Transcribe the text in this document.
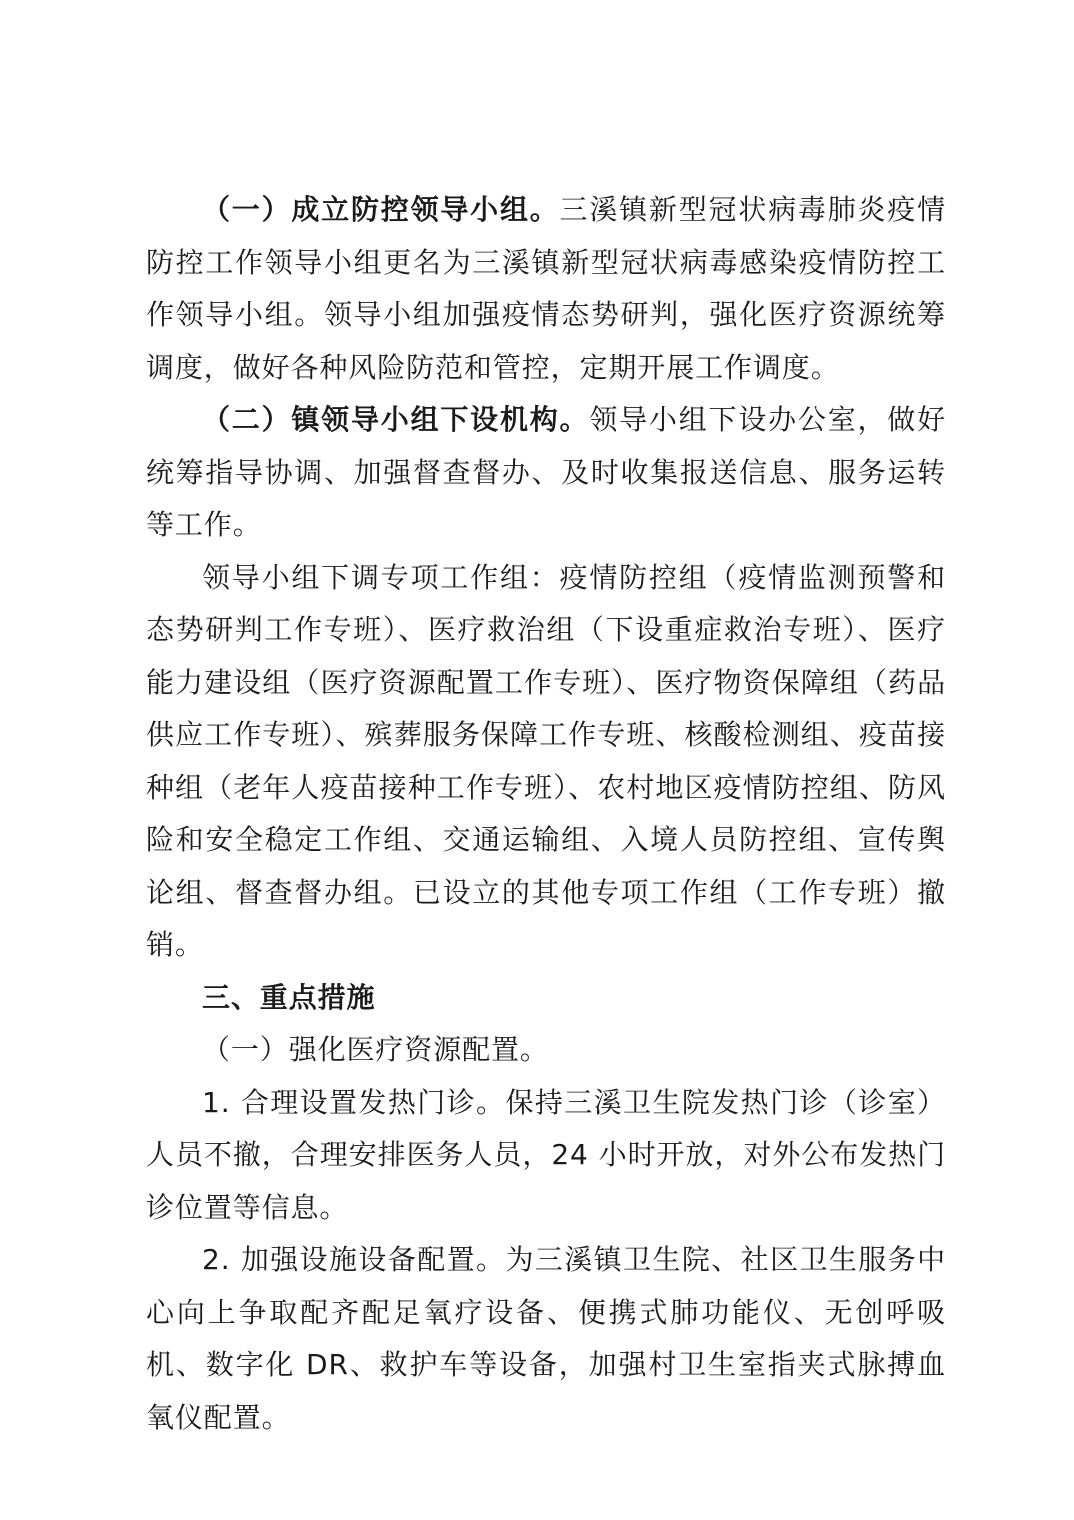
（一）成立防控领导小组。三溪镇新型冠状病毒肺炎疫情防控工作领导小组更名为三溪镇新型冠状病毒感染疫情防控工作领导小组。领导小组加强疫情态势研判，强化医疗资源统筹调度，做好各种风险防范和管控，定期开展工作调度。

（二）镇领导小组下设机构。领导小组下设办公室，做好统筹指导协调、加强督查督办、及时收集报送信息、服务运转等工作。

领导小组下调专项工作组：疫情防控组（疫情监测预警和态势研判工作专班）、医疗救治组（下设重症救治专班）、医疗能力建设组（医疗资源配置工作专班）、医疗物资保障组（药品供应工作专班）、殡葬服务保障工作专班、核酸检测组、疫苗接种组（老年人疫苗接种工作专班）、农村地区疫情防控组、防风险和安全稳定工作组、交通运输组、入境人员防控组、宣传舆论组、督查督办组。已设立的其他专项工作组（工作专班）撤销。

三、重点措施

（一）强化医疗资源配置。

1. 合理设置发热门诊。保持三溪卫生院发热门诊（诊室）人员不撤，合理安排医务人员，24 小时开放，对外公布发热门诊位置等信息。

2. 加强设施设备配置。为三溪镇卫生院、社区卫生服务中心向上争取配齐配足氧疗设备、便携式肺功能仪、无创呼吸机、数字化 DR、救护车等设备，加强村卫生室指夹式脉搏血氧仪配置。
